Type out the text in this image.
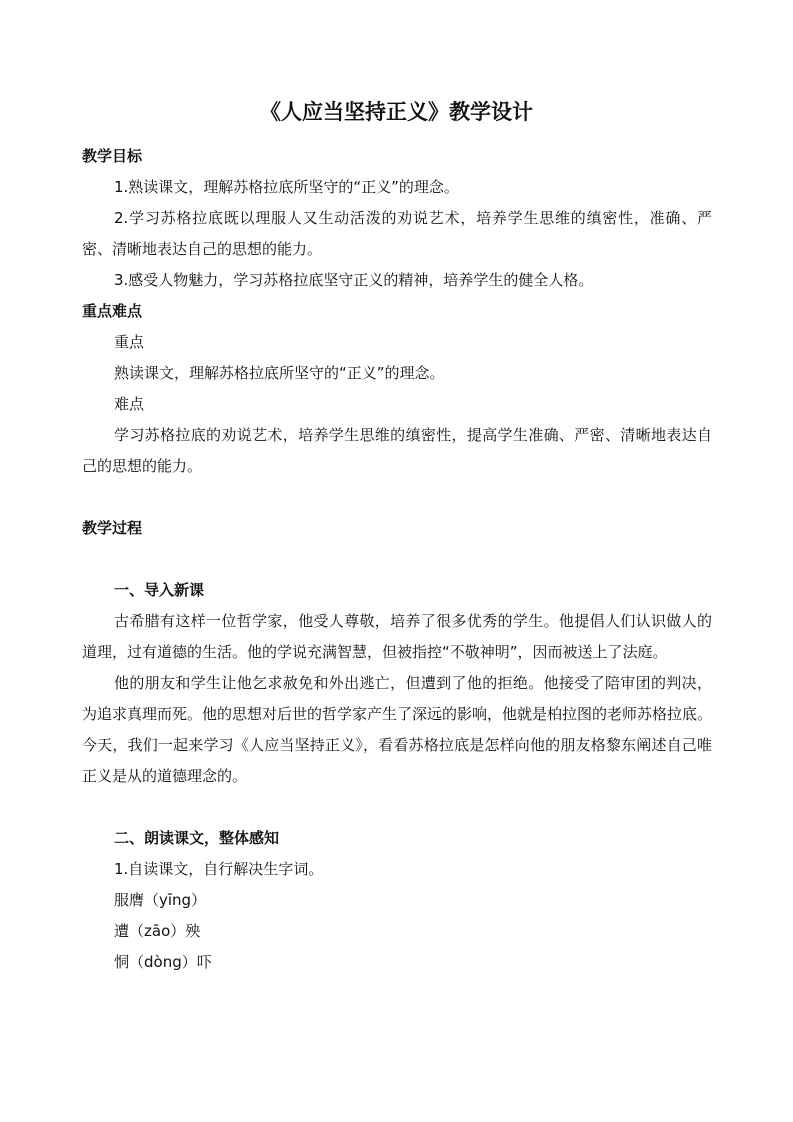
《人应当坚持正义》教学设计

教学目标

1.熟读课文，理解苏格拉底所坚守的“正义”的理念。

2.学习苏格拉底既以理服人又生动活泼的劝说艺术，培养学生思维的缜密性，准确、严密、清晰地表达自己的思想的能力。

3.感受人物魅力，学习苏格拉底坚守正义的精神，培养学生的健全人格。

重点难点

重点

熟读课文，理解苏格拉底所坚守的“正义”的理念。

难点

学习苏格拉底的劝说艺术，培养学生思维的缜密性，提高学生准确、严密、清晰地表达自己的思想的能力。

教学过程

一、导入新课

古希腊有这样一位哲学家，他受人尊敬，培养了很多优秀的学生。他提倡人们认识做人的道理，过有道德的生活。他的学说充满智慧，但被指控“不敬神明”，因而被送上了法庭。

他的朋友和学生让他乞求赦免和外出逃亡，但遭到了他的拒绝。他接受了陪审团的判决，为追求真理而死。他的思想对后世的哲学家产生了深远的影响，他就是柏拉图的老师苏格拉底。今天，我们一起来学习《人应当坚持正义》，看看苏格拉底是怎样向他的朋友格黎东阐述自己唯正义是从的道德理念的。

二、朗读课文，整体感知

1.自读课文，自行解决生字词。

服膺（yīng）

遭（zāo）殃

恫（dòng）吓
